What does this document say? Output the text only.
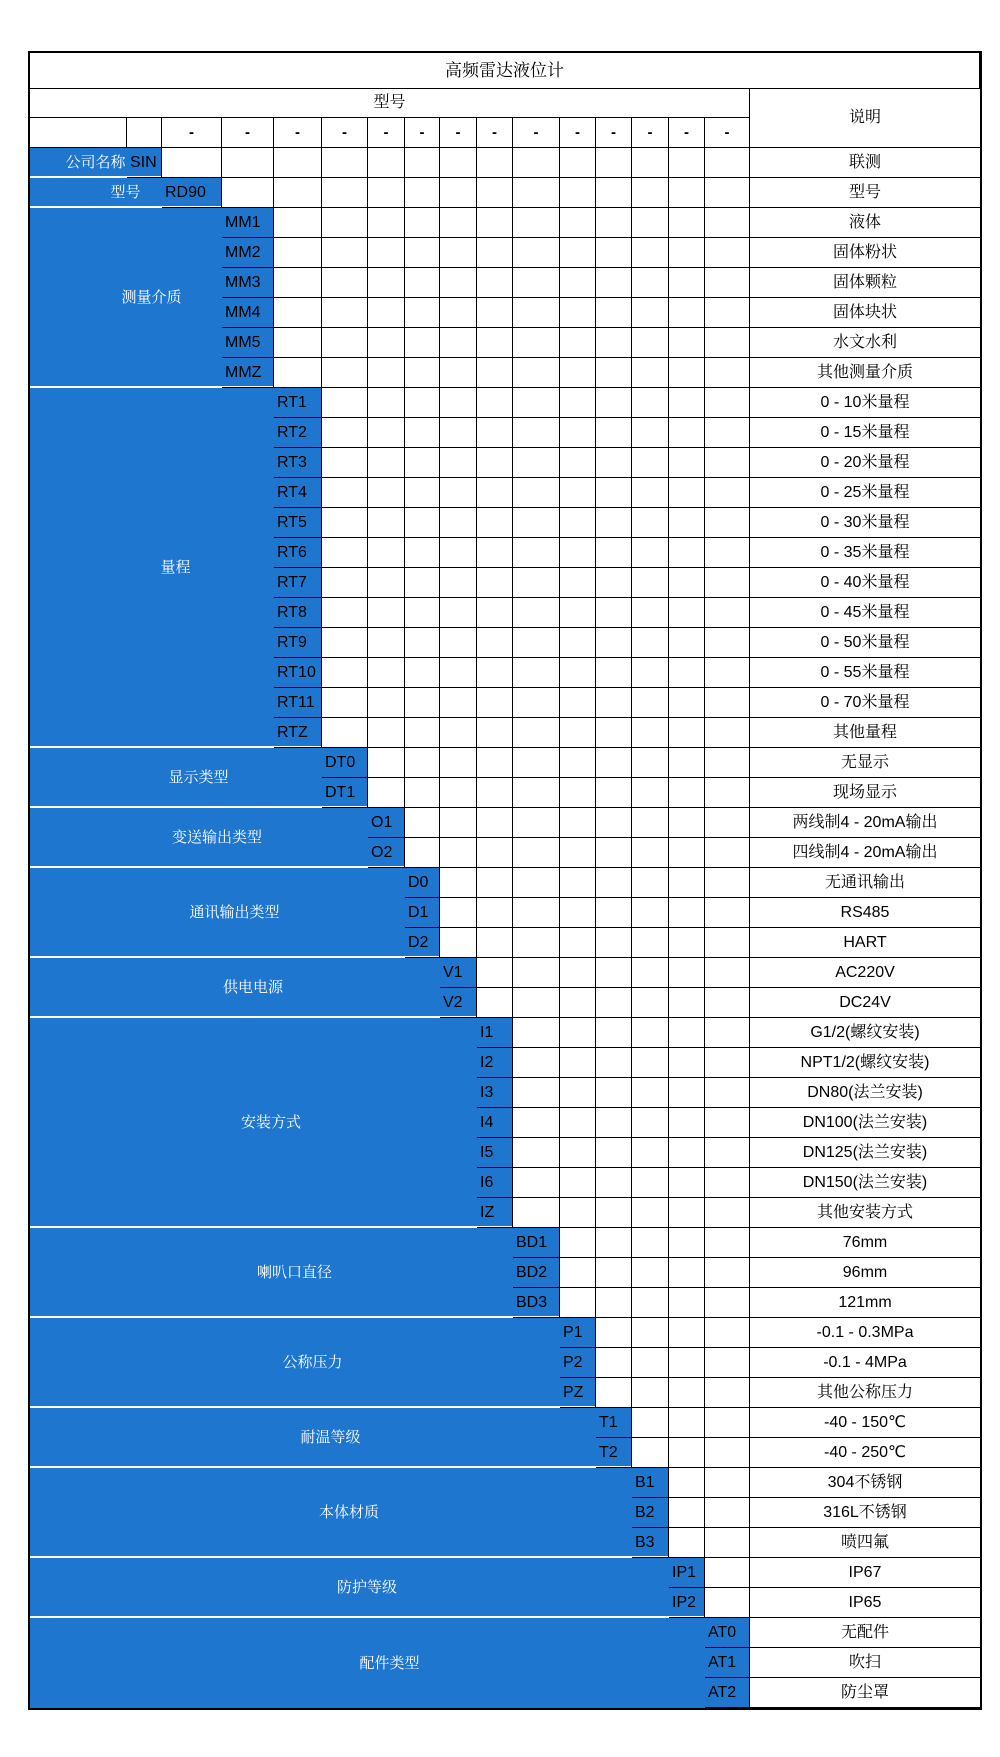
高频雷达液位计
型号
说明
-	-	-	-	-	-	-	-	-	-	-	-	-	-
公司名称 SIN	联测
型号	RD90	型号
测量介质
MM1	液体
MM2	固体粉状
MM3	固体颗粒
MM4	固体块状
MM5	水文水利
MMZ	其他测量介质
量程
RT1	0 - 10米量程
RT2	0 - 15米量程
RT3	0 - 20米量程
RT4	0 - 25米量程
RT5	0 - 30米量程
RT6	0 - 35米量程
RT7	0 - 40米量程
RT8	0 - 45米量程
RT9	0 - 50米量程
RT10	0 - 55米量程
RT11	0 - 70米量程
RTZ	其他量程
显示类型
DT0	无显示
DT1	现场显示
变送输出类型
O1	两线制4 - 20mA输出
O2	四线制4 - 20mA输出
通讯输出类型
D0	无通讯输出
D1	RS485
D2	HART
供电电源
V1	AC220V
V2	DC24V
安装方式
I1	G1/2(螺纹安装)
I2	NPT1/2(螺纹安装)
I3	DN80(法兰安装)
I4	DN100(法兰安装)
I5	DN125(法兰安装)
I6	DN150(法兰安装)
IZ	其他安装方式
喇叭口直径
BD1	76mm
BD2	96mm
BD3	121mm
公称压力
P1	-0.1 - 0.3MPa
P2	-0.1 - 4MPa
PZ	其他公称压力
耐温等级
T1	-40 - 150℃
T2	-40 - 250℃
本体材质
B1	304不锈钢
B2	316L不锈钢
B3	喷四氟
防护等级
IP1	IP67
IP2	IP65
配件类型
AT0	无配件
AT1	吹扫
AT2	防尘罩
